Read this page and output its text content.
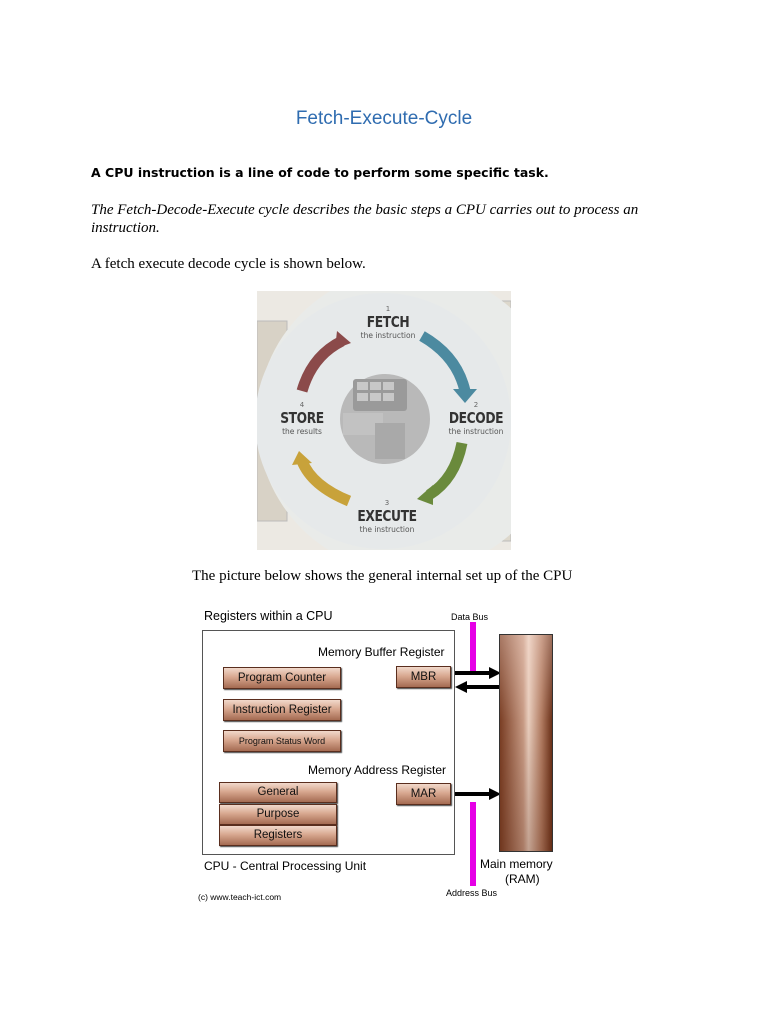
Fetch-Execute-Cycle
A CPU instruction is a line of code to perform some specific task.
The Fetch-Decode-Execute cycle describes the basic steps a CPU carries out to process an instruction.
A fetch execute decode cycle is shown below.
1
FETCH
the instruction
2
DECODE
the instruction
3
EXECUTE
the instruction
4
STORE
the results
The picture below shows the general internal set up of the CPU
Registers within a CPU	Data Bus
Memory Buffer Register
MBR
Program Counter
Instruction Register
Program Status Word
Memory Address Register
MAR
General
Purpose
Registers
CPU - Central Processing Unit	Main memory
(RAM)
Address Bus
(c) www.teach-ict.com
